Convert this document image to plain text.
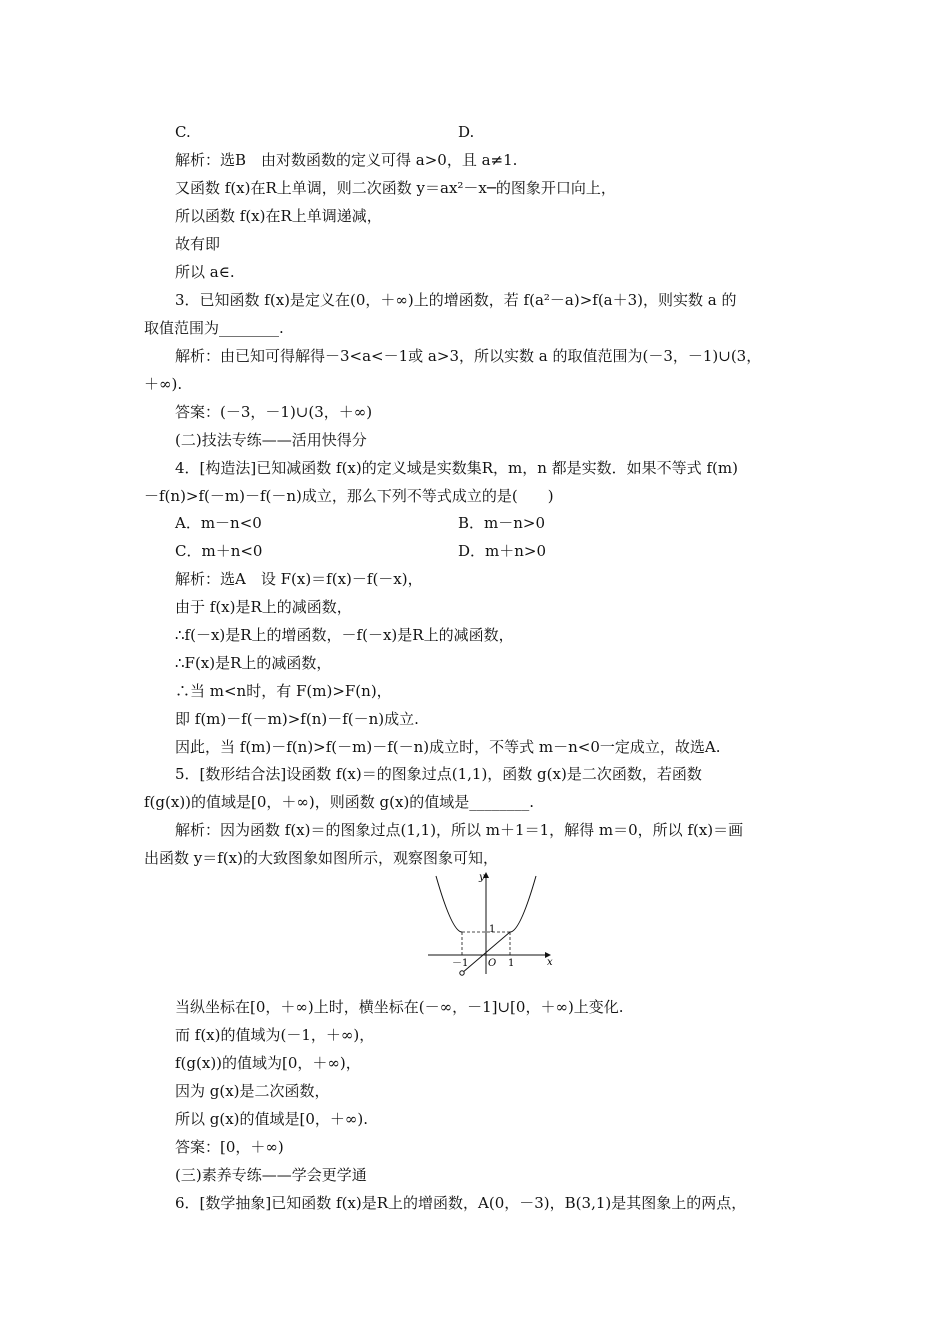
C.	D.
解析：选B　由对数函数的定义可得 a>0，且 a≠1.
又函数 f(x)在R上单调，则二次函数 y＝ax²－x─的图象开口向上，
所以函数 f(x)在R上单调递减，
故有即
所以 a∈.
3．已知函数 f(x)是定义在(0，＋∞)上的增函数，若 f(a²－a)>f(a＋3)，则实数 a 的
取值范围为________.
解析：由已知可得解得－3<a<－1或 a>3，所以实数 a 的取值范围为(－3，－1)∪(3，
＋∞).
答案：(－3，－1)∪(3，＋∞)
(二)技法专练——活用快得分
4．[构造法]已知减函数 f(x)的定义域是实数集R，m，n 都是实数．如果不等式 f(m)
－f(n)>f(－m)－f(－n)成立，那么下列不等式成立的是(　　)
A．m－n<0	B．m－n>0
C．m＋n<0	D．m＋n>0
解析：选A　设 F(x)＝f(x)－f(－x)，
由于 f(x)是R上的减函数，
∴f(－x)是R上的增函数，－f(－x)是R上的减函数，
∴F(x)是R上的减函数，
∴当 m<n时，有 F(m)>F(n)，
即 f(m)－f(－m)>f(n)－f(－n)成立.
因此，当 f(m)－f(n)>f(－m)－f(－n)成立时，不等式 m－n<0一定成立，故选A.
5．[数形结合法]设函数 f(x)＝的图象过点(1,1)，函数 g(x)是二次函数，若函数
f(g(x))的值域是[0，＋∞)，则函数 g(x)的值域是________.
解析：因为函数 f(x)＝的图象过点(1,1)，所以 m＋1＝1，解得 m＝0，所以 f(x)＝画
出函数 y＝f(x)的大致图象如图所示，观察图象可知，
y
x
O
－1	1
1
当纵坐标在[0，＋∞)上时，横坐标在(－∞，－1]∪[0，＋∞)上变化.
而 f(x)的值域为(－1，＋∞)，
f(g(x))的值域为[0，＋∞)，
因为 g(x)是二次函数，
所以 g(x)的值域是[0，＋∞).
答案：[0，＋∞)
(三)素养专练——学会更学通
6．[数学抽象]已知函数 f(x)是R上的增函数，A(0，－3)，B(3,1)是其图象上的两点，
